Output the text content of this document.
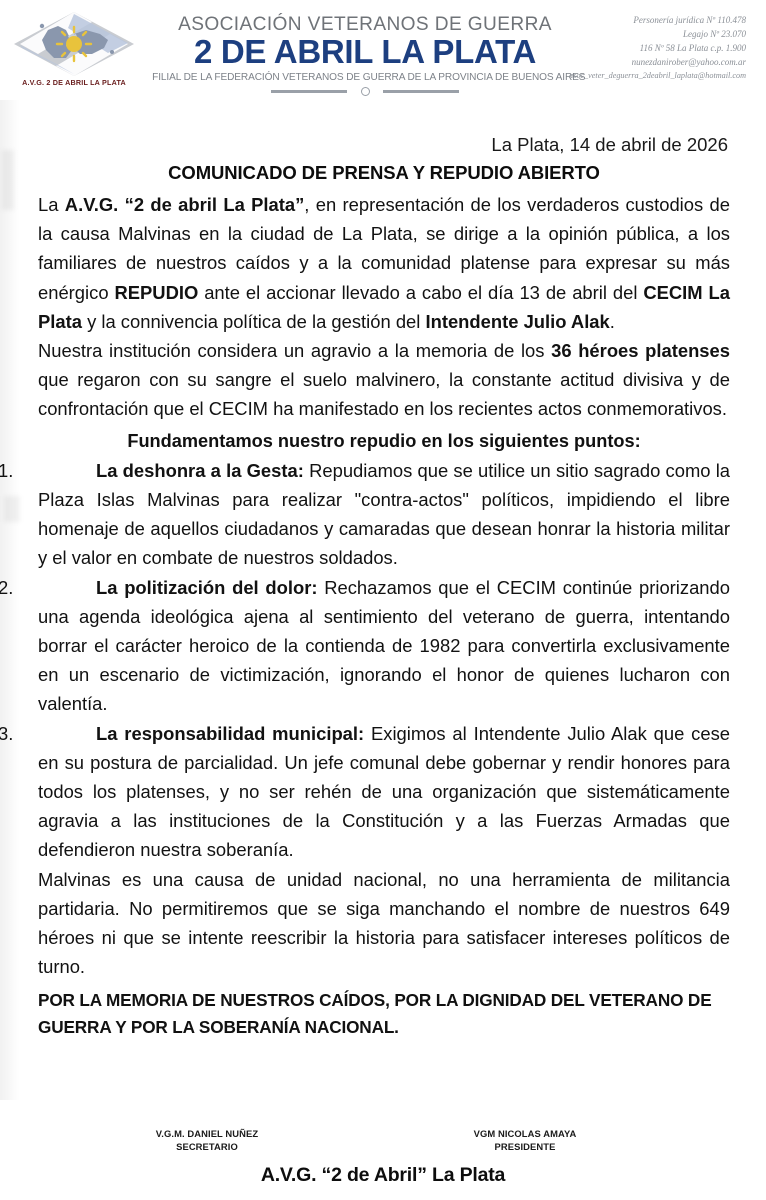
A.V.G. 2 DE ABRIL LA PLATA
ASOCIACIÓN VETERANOS DE GUERRA
2 DE ABRIL LA PLATA
FILIAL DE LA FEDERACIÓN VETERANOS DE GUERRA DE LA PROVINCIA DE BUENOS AIRES
Personería jurídica Nº 110.478
Legajo Nº 23.070
116 Nº 58 La Plata c.p. 1.900
nunezdanirober@yahoo.com.ar
asoc_veter_deguerra_2deabril_laplata@hotmail.com
La Plata, 14 de abril de 2026
COMUNICADO DE PRENSA Y REPUDIO ABIERTO

La A.V.G. “2 de abril La Plata”, en representación de los verdaderos custodios de la causa Malvinas en la ciudad de La Plata, se dirige a la opinión pública, a los familiares de nuestros caídos y a la comunidad platense para expresar su más enérgico REPUDIO ante el accionar llevado a cabo el día 13 de abril del CECIM La Plata y la connivencia política de la gestión del Intendente Julio Alak.

Nuestra institución considera un agravio a la memoria de los 36 héroes platenses que regaron con su sangre el suelo malvinero, la constante actitud divisiva y de confrontación que el CECIM ha manifestado en los recientes actos conmemorativos.

Fundamentamos nuestro repudio en los siguientes puntos:

La deshonra a la Gesta: Repudiamos que se utilice un sitio sagrado como la Plaza Islas Malvinas para realizar "contra-actos" políticos, impidiendo el libre homenaje de aquellos ciudadanos y camaradas que desean honrar la historia militar y el valor en combate de nuestros soldados.

La politización del dolor: Rechazamos que el CECIM continúe priorizando una agenda ideológica ajena al sentimiento del veterano de guerra, intentando borrar el carácter heroico de la contienda de 1982 para convertirla exclusivamente en un escenario de victimización, ignorando el honor de quienes lucharon con valentía.

La responsabilidad municipal: Exigimos al Intendente Julio Alak que cese en su postura de parcialidad. Un jefe comunal debe gobernar y rendir honores para todos los platenses, y no ser rehén de una organización que sistemáticamente agravia a las instituciones de la Constitución y a las Fuerzas Armadas que defendieron nuestra soberanía.

Malvinas es una causa de unidad nacional, no una herramienta de militancia partidaria. No permitiremos que se siga manchando el nombre de nuestros 649 héroes ni que se intente reescribir la historia para satisfacer intereses políticos de turno.

POR LA MEMORIA DE NUESTROS CAÍDOS, POR LA DIGNIDAD DEL VETERANO DE GUERRA Y POR LA SOBERANÍA NACIONAL.
V.G.M. DANIEL NUÑEZ
SECRETARIO
VGM NICOLAS AMAYA
PRESIDENTE
A.V.G. “2 de Abril” La Plata
